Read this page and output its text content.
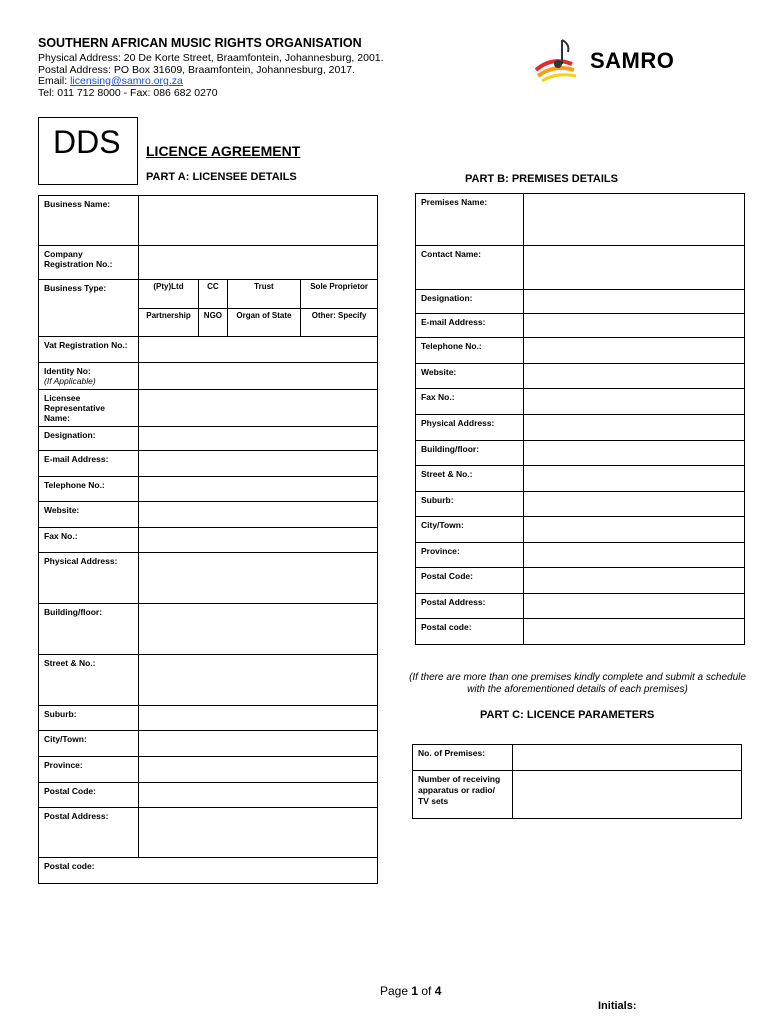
SOUTHERN AFRICAN MUSIC RIGHTS ORGANISATION
Physical Address: 20 De Korte Street, Braamfontein, Johannesburg, 2001.
Postal Address: PO Box 31609, Braamfontein, Johannesburg, 2017.
Email: licensing@samro.org.za
Tel: 011 712 8000 - Fax: 086 682 0270
SAMRO
DDS LICENCE AGREEMENT
PART A: LICENSEE DETAILS	PART B: PREMISES DETAILS
Business Name:	
Company Registration No.:	
Business Type:		(Pty)Ltd	CC	Trust	Sole Proprietor
Partnership	NGO	Organ of State	Other: Specify

Vat Registration No.:	

Identity No:
(If Applicable)

Licensee Representative Name:	
Designation:	
E-mail Address:	
Telephone No.:	
Website:	
Fax No.:	
Physical Address:	
Building/floor:	
Street & No.:	
Suburb:	
City/Town:	
Province:	
Postal Code:	
Postal Address:	
Postal code:
Premises Name:	
Contact Name:	
Designation:	
E-mail Address:	
Telephone No.:	
Website:	
Fax No.:	
Physical Address:	
Building/floor:	
Street & No.:	
Suburb:	
City/Town:	
Province:	
Postal Code:	
Postal Address:	
Postal code:	
(If there are more than one premises kindly complete and submit a schedule with the aforementioned details of each premises)
PART C: LICENCE PARAMETERS
No. of Premises:	
Number of receiving apparatus or radio/ TV sets	
Page 1 of 4
Initials:
